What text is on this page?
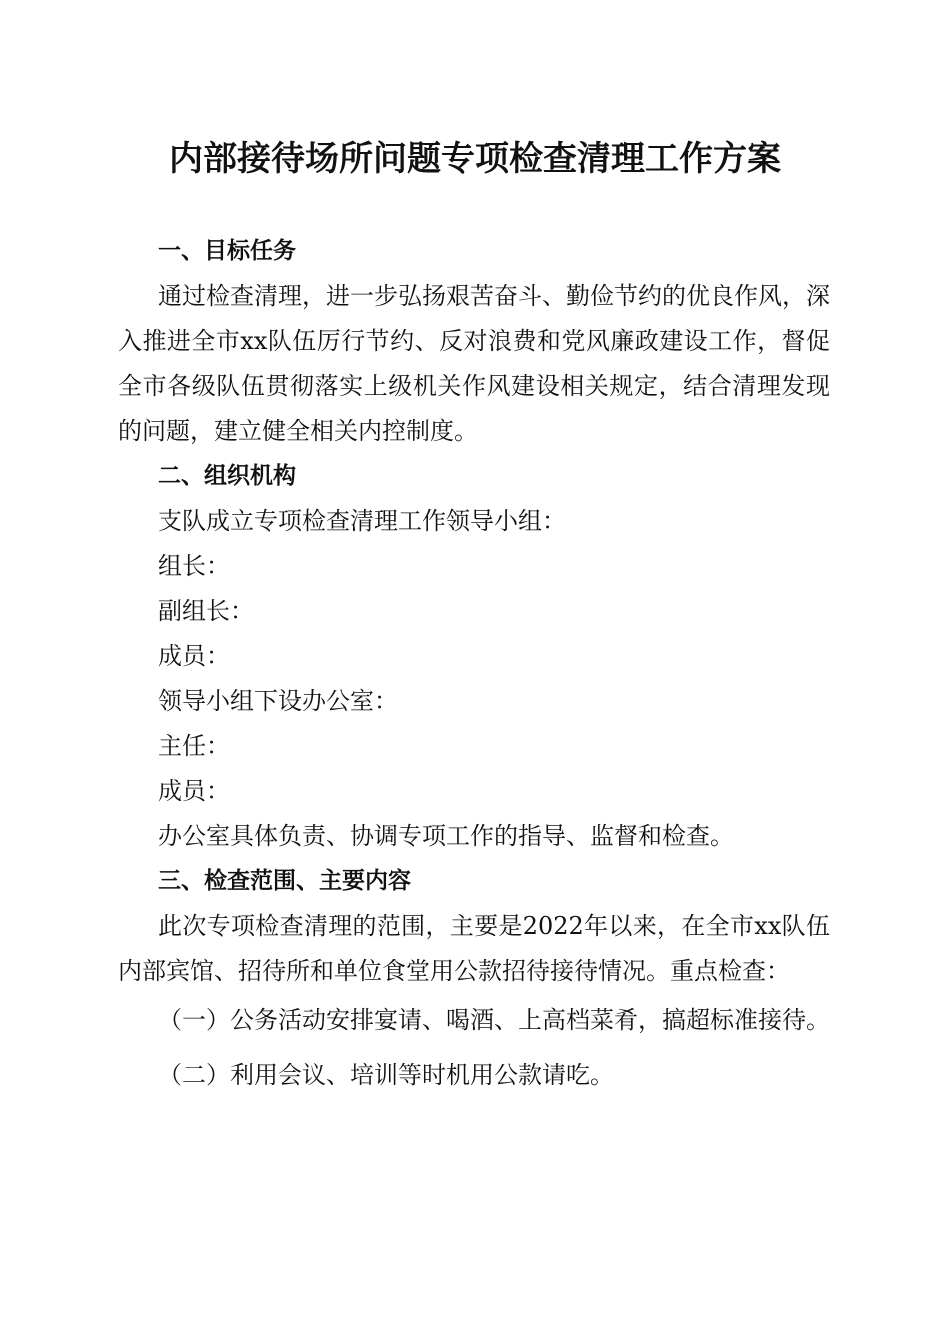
内部接待场所问题专项检查清理工作方案

一、目标任务

通过检查清理，进一步弘扬艰苦奋斗、勤俭节约的优良作风，深入推进全市xx队伍厉行节约、反对浪费和党风廉政建设工作，督促全市各级队伍贯彻落实上级机关作风建设相关规定，结合清理发现的问题，建立健全相关内控制度。

二、组织机构

支队成立专项检查清理工作领导小组：

组长：

副组长：

成员：

领导小组下设办公室：

主任：

成员：

办公室具体负责、协调专项工作的指导、监督和检查。

三、检查范围、主要内容

此次专项检查清理的范围，主要是2022年以来，在全市xx队伍内部宾馆、招待所和单位食堂用公款招待接待情况。重点检查：

（一）公务活动安排宴请、喝酒、上高档菜肴，搞超标准接待。

（二）利用会议、培训等时机用公款请吃。
